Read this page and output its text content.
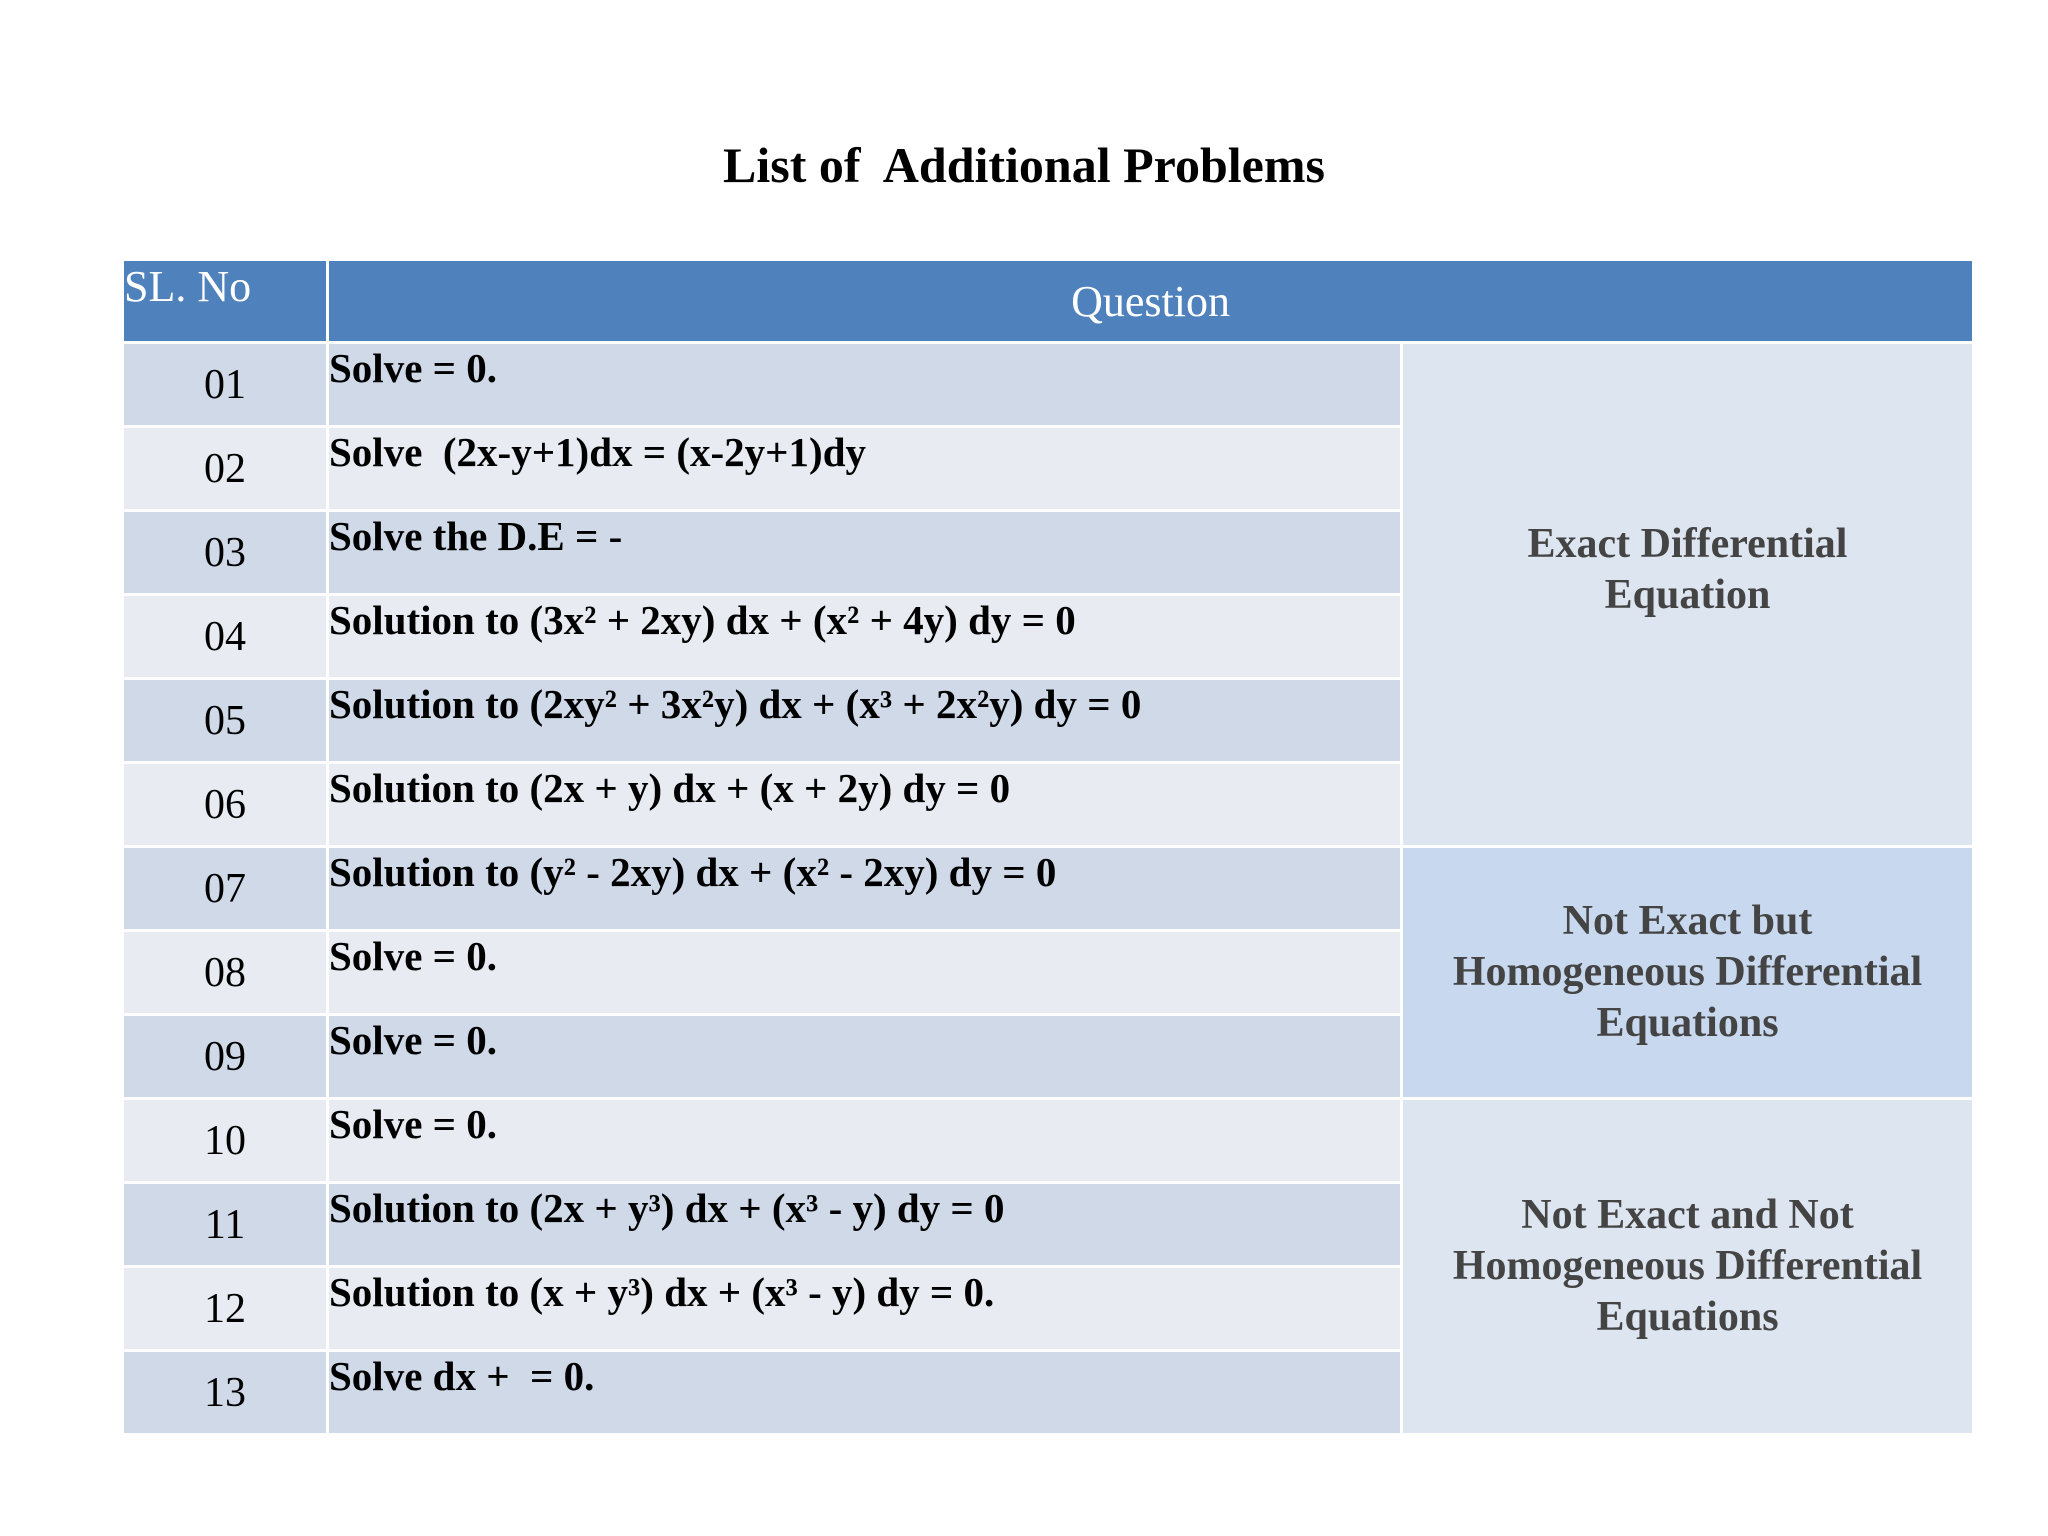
List of  Additional Problems
SL. No	Question	
01	Solve = 0.	Exact Differential
Equation

02	Solve  (2x-y+1)dx = (x-2y+1)dy	
03	Solve the D.E = -	
04	Solution to (3x² + 2xy) dx + (x² + 4y) dy = 0	
05	Solution to (2xy² + 3x²y) dx + (x³ + 2x²y) dy = 0	
06	Solution to (2x + y) dx + (x + 2y) dy = 0	
07	Solution to (y² - 2xy) dx + (x² - 2xy) dy = 0	Not Exact but
Homogeneous Differential
Equations

08	Solve = 0.	
09	Solve = 0.	
10	Solve = 0.	Not Exact and Not
Homogeneous Differential
Equations

11	Solution to (2x + y³) dx + (x³ - y) dy = 0	
12	Solution to (x + y³) dx + (x³ - y) dy = 0.	
13	Solve dx +  = 0.	
